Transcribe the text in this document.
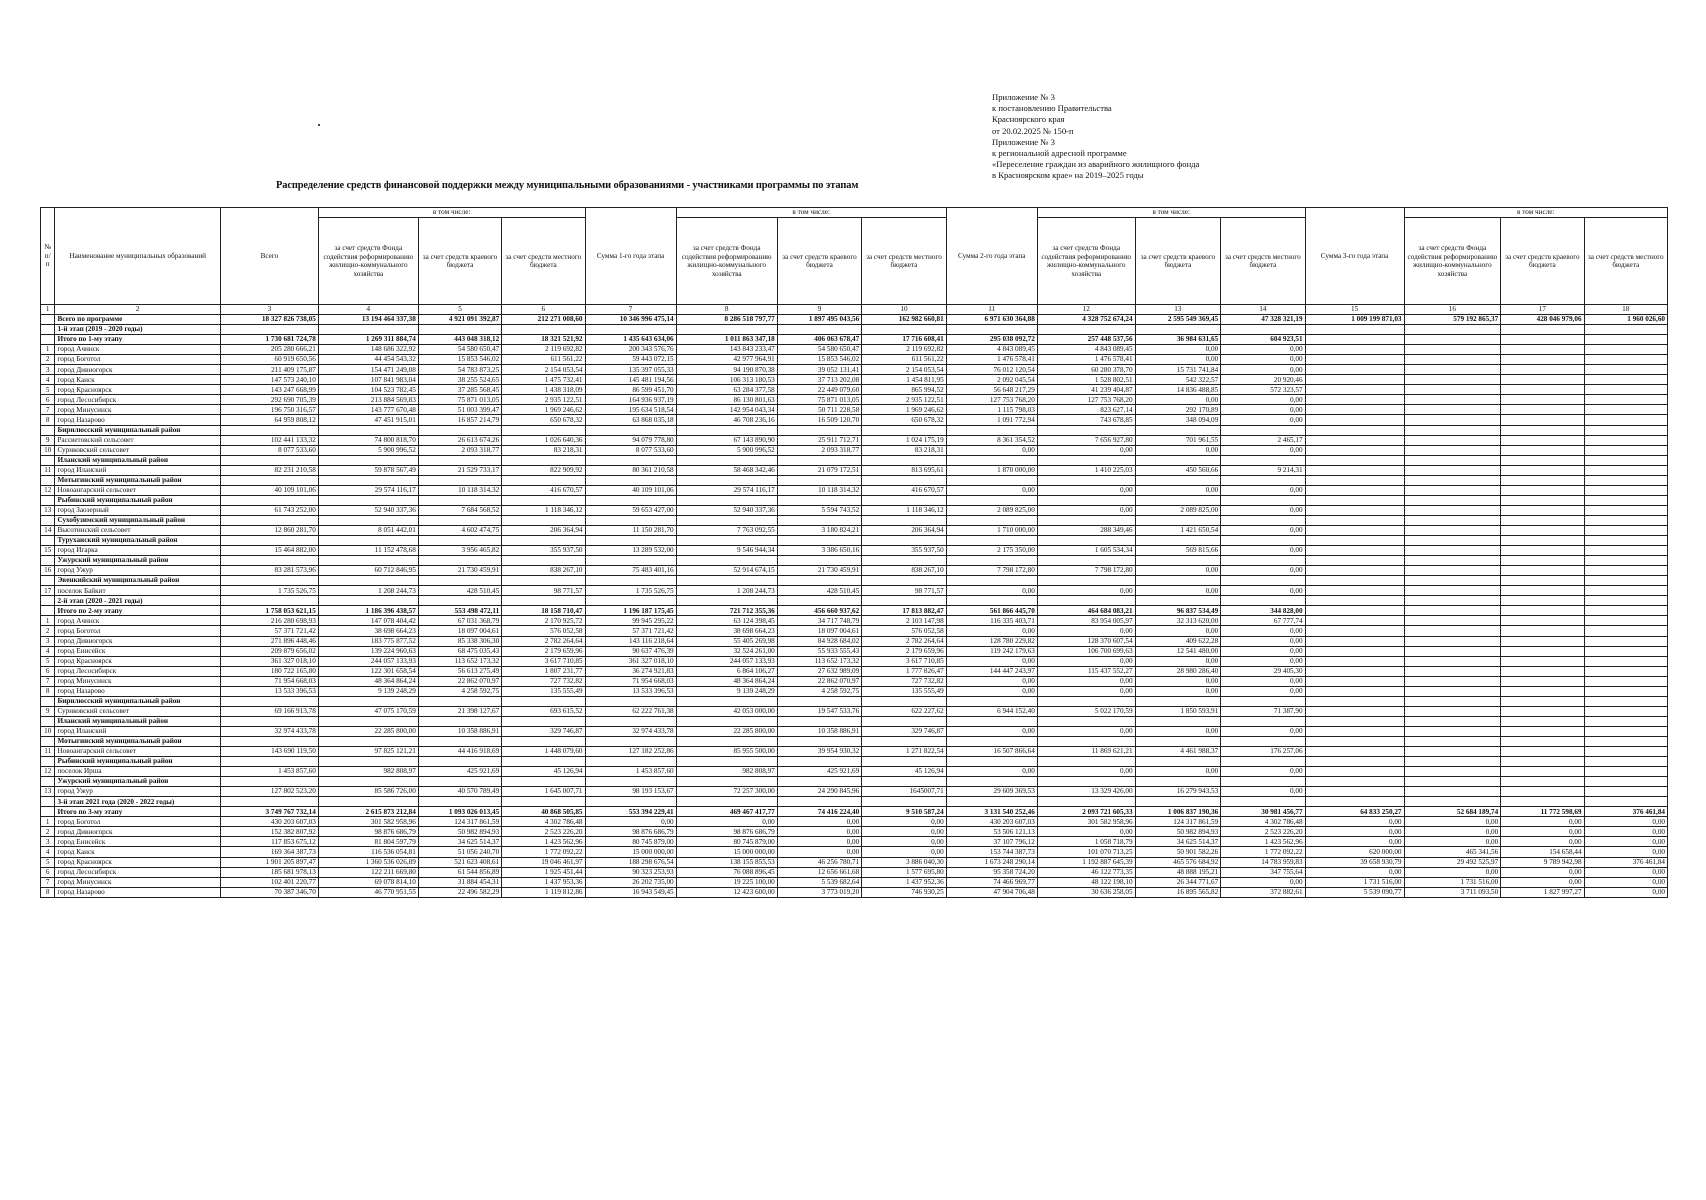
Приложение № 3
к постановлению Правительства
Красноярского края
от 20.02.2025 № 150-п
Приложение № 3
к региональной адресной программе
«Переселение граждан из аварийного жилищного фонда
в Красноярском крае» на 2019–2025 годы
Распределение средств финансовой поддержки между муниципальными образованиями - участниками программы по этапам
№ п/п	Наименование муниципальных образований	Всего	в том числе:			Сумма 1-го года этапа	в том числе:			Сумма 2-го года этапа	в том числе:			Сумма 3-го года этапа	в том числе:		
			за счет средств Фонда содействия реформированию жилищно-коммунального хозяйства	за счет средств краевого бюджета	за счет средств местного бюджета		за счет средств Фонда содействия реформированию жилищно-коммунального хозяйства	за счет средств краевого бюджета	за счет средств местного бюджета		за счет средств Фонда содействия реформированию жилищно-коммунального хозяйства	за счет средств краевого бюджета	за счет средств местного бюджета		за счет средств Фонда содействия реформированию жилищно-коммунального хозяйства	за счет средств краевого бюджета	за счет средств местного бюджета
1	2	3	4	5	6	7	8	9	10	11	12	13	14	15	16	17	18
	Всего по программе	18 327 826 738,05	13 194 464 337,38	4 921 091 392,87	212 271 008,60	10 346 996 475,14	8 286 518 797,77	1 897 495 043,56	162 982 660,81	6 971 630 364,88	4 328 752 674,24	2 595 549 369,45	47 328 321,19	1 009 199 871,03	579 192 865,37	428 046 979,06	1 960 026,60
	1-й этап (2019 - 2020 годы)																
	Итого по 1-му этапу	1 730 681 724,78	1 269 311 884,74	443 048 318,12	18 321 521,92	1 435 643 634,06	1 011 863 347,18	406 063 678,47	17 716 608,41	295 038 092,72	257 448 537,56	36 984 631,65	604 923,51				
1	город Ачинск	205 280 666,21	148 686 322,92	54 580 650,47	2 119 692,82	200 343 576,76	143 843 233,47	54 580 650,47	2 119 692,82	4 843 089,45	4 843 089,45	0,00	0,00				
2	город Боготол	60 919 650,56	44 454 543,32	15 853 546,02	611 561,22	59 443 072,15	42 977 964,91	15 853 546,02	611 561,22	1 476 578,41	1 476 578,41	0,00	0,00				
3	город Дивногорск	211 409 175,87	154 471 249,08	54 783 873,25	2 154 053,54	135 397 055,33	94 190 870,38	39 052 131,41	2 154 053,54	76 012 120,54	60 280 378,70	15 731 741,84	0,00				
4	город Канск	147 573 240,10	107 841 983,04	38 255 524,65	1 475 732,41	145 481 194,56	106 313 180,53	37 713 202,08	1 454 811,95	2 092 045,54	1 528 802,51	542 322,57	20 920,46				
5	город Красноярск	143 247 668,99	104 523 782,45	37 285 568,45	1 438 318,09	86 599 451,70	63 284 377,58	22 449 079,60	865 994,52	56 648 217,29	41 239 404,87	14 836 488,85	572 323,57				
6	город Лесосибирск	292 690 705,39	213 884 569,83	75 871 013,05	2 935 122,51	164 936 937,19	86 130 801,63	75 871 013,05	2 935 122,51	127 753 768,20	127 753 768,20	0,00	0,00				
7	город Минусинск	196 750 316,57	143 777 670,48	51 003 399,47	1 969 246,62	195 634 518,54	142 954 043,34	50 711 228,58	1 969 246,62	1 115 798,03	823 627,14	292 170,89	0,00				
8	город Назарово	64 959 808,12	47 451 915,01	16 857 214,79	650 678,32	63 868 035,18	46 708 236,16	16 509 120,70	650 678,32	1 091 772,94	743 678,85	348 094,09	0,00				
	Бирилюсский муниципальный район																
9	Рассветовский сельсовет	102 441 133,32	74 800 818,70	26 613 674,26	1 026 640,36	94 079 778,80	67 143 890,90	25 911 712,71	1 024 175,19	8 361 354,52	7 656 927,80	701 961,55	2 465,17				
10	Суриковский сельсовет	8 077 533,60	5 900 996,52	2 093 318,77	83 218,31	8 077 533,60	5 900 996,52	2 093 318,77	83 218,31	0,00	0,00	0,00	0,00				
	Иланский муниципальный район																
11	город Иланский	82 231 210,58	59 878 567,49	21 529 733,17	822 909,92	80 361 210,58	58 468 342,46	21 079 172,51	813 695,61	1 870 000,00	1 410 225,03	450 560,66	9 214,31				
	Мотыгинский муниципальный район																
12	Новоангарский сельсовет	40 109 101,06	29 574 116,17	10 118 314,32	416 670,57	40 109 101,06	29 574 116,17	10 118 314,32	416 670,57	0,00	0,00	0,00	0,00				
	Рыбинский муниципальный район																
13	город Заозерный	61 743 252,00	52 940 337,36	7 684 568,52	1 118 346,12	59 653 427,00	52 940 337,36	5 594 743,52	1 118 346,12	2 089 825,00	0,00	2 089 825,00	0,00				
	Сухобузимский муниципальный район																
14	Высотинский сельсовет	12 860 281,70	8 051 442,01	4 602 474,75	206 364,94	11 150 281,70	7 763 092,55	3 180 824,21	206 364,94	1 710 000,00	288 349,46	1 421 650,54	0,00				
	Туруханский муниципальный район																
15	город Игарка	15 464 882,00	11 152 478,68	3 956 465,82	355 937,50	13 289 532,00	9 546 944,34	3 386 650,16	355 937,50	2 175 350,00	1 605 534,34	569 815,66	0,00				
	Ужурский муниципальный район																
16	город Ужур	83 281 573,96	60 712 846,95	21 730 459,91	838 267,10	75 483 401,16	52 914 674,15	21 730 459,91	838 267,10	7 798 172,80	7 798 172,80	0,00	0,00				
	Эвенкийский муниципальный район																
17	поселок Байкит	1 735 526,75	1 208 244,73	428 510,45	98 771,57	1 735 526,75	1 208 244,73	428 510,45	98 771,57	0,00	0,00	0,00	0,00				
	2-й этап (2020 - 2021 годы)																
	Итого по 2-му этапу	1 758 053 621,15	1 186 396 438,57	553 498 472,11	18 158 710,47	1 196 187 175,45	721 712 355,36	456 660 937,62	17 813 882,47	561 866 445,70	464 684 083,21	96 837 534,49	344 828,00				
1	город Ачинск	216 280 698,93	147 078 404,42	67 031 368,79	2 170 925,72	99 945 295,22	63 124 398,45	34 717 748,79	2 103 147,98	116 335 403,71	83 954 005,97	32 313 620,00	67 777,74				
2	город Боготол	57 371 721,42	38 698 664,23	18 097 004,61	576 052,58	57 371 721,42	38 698 664,23	18 097 004,61	576 052,58	0,00	0,00	0,00	0,00				
3	город Дивногорск	271 896 448,46	183 775 877,52	85 338 306,30	2 782 264,64	143 116 218,64	55 405 269,98	84 928 684,02	2 782 264,64	128 780 229,82	128 370 607,54	409 622,28	0,00				
4	город Енисейск	209 879 656,02	139 224 960,63	68 475 035,43	2 179 659,96	90 637 476,39	32 524 261,00	55 933 555,43	2 179 659,96	119 242 179,63	106 700 699,63	12 541 480,00	0,00				
5	город Красноярск	361 327 018,10	244 057 133,93	113 652 173,32	3 617 710,85	361 327 018,10	244 057 133,93	113 652 173,32	3 617 710,85	0,00	0,00	0,00	0,00				
6	город Лесосибирск	180 722 165,80	122 301 658,54	56 613 275,49	1 807 231,77	36 274 921,83	6 864 106,27	27 632 989,09	1 777 826,47	144 447 243,97	115 437 552,27	28 980 286,40	29 405,30				
7	город Минусинск	71 954 668,03	48 364 864,24	22 862 070,97	727 732,82	71 954 668,03	48 364 864,24	22 862 070,97	727 732,82	0,00	0,00	0,00	0,00				
8	город Назарово	13 533 396,53	9 139 248,29	4 258 592,75	135 555,49	13 533 396,53	9 139 248,29	4 258 592,75	135 555,49	0,00	0,00	0,00	0,00				
	Бирилюсский муниципальный район																
9	Суриковский сельсовет	69 166 913,78	47 075 170,59	21 398 127,67	693 615,52	62 222 761,38	42 053 000,00	19 547 533,76	622 227,62	6 944 152,40	5 022 170,59	1 850 593,91	71 387,90				
	Иланский муниципальный район																
10	город Иланский	32 974 433,78	22 285 800,00	10 358 886,91	329 746,87	32 974 433,78	22 285 800,00	10 358 886,91	329 746,87	0,00	0,00	0,00	0,00				
	Мотыгинский муниципальный район																
11	Новоангарский сельсовет	143 690 119,50	97 825 121,21	44 416 918,69	1 448 079,60	127 182 252,86	85 955 500,00	39 954 930,32	1 271 822,54	16 507 866,64	11 869 621,21	4 461 988,37	176 257,06				
	Рыбинский муниципальный район																
12	поселок Ирша	1 453 857,60	982 808,97	425 921,69	45 126,94	1 453 857,60	982 808,97	425 921,69	45 126,94	0,00	0,00	0,00	0,00				
	Ужурский муниципальный район																
13	город Ужур	127 802 523,20	85 586 726,00	40 570 789,49	1 645 007,71	98 193 153,67	72 257 300,00	24 290 845,96	1645007,71	29 609 369,53	13 329 426,00	16 279 943,53	0,00				
	3-й этап 2021 года (2020 - 2022 годы)																
	Итого по 3-му этапу	3 749 767 732,14	2 615 873 212,84	1 093 026 013,45	40 868 505,85	553 394 229,41	469 467 417,77	74 416 224,40	9 510 587,24	3 131 540 252,46	2 093 721 605,33	1 006 837 190,36	30 981 456,77	64 833 250,27	52 684 189,74	11 772 598,69	376 461,84
1	город Боготол	430 203 607,03	301 582 958,96	124 317 861,59	4 302 786,48	0,00	0,00	0,00	0,00	430 203 607,03	301 582 958,96	124 317 861,59	4 302 786,48	0,00	0,00	0,00	0,00
2	город Дивногорск	152 382 807,92	98 876 686,79	50 982 894,93	2 523 226,20	98 876 686,79	98 876 686,79	0,00	0,00	53 506 121,13	0,00	50 982 894,93	2 523 226,20	0,00	0,00	0,00	0,00
3	город Енисейск	117 853 675,12	81 804 597,79	34 625 514,37	1 423 562,96	80 745 879,00	80 745 879,00	0,00	0,00	37 107 796,12	1 058 718,79	34 625 514,37	1 423 562,96	0,00	0,00	0,00	0,00
4	город Канск	169 364 387,73	116 536 054,81	51 056 240,70	1 772 092,22	15 000 000,00	15 000 000,00	0,00	0,00	153 744 387,73	101 070 713,25	50 901 582,26	1 772 092,22	620 000,00	465 341,56	154 658,44	0,00
5	город Красноярск	1 901 205 897,47	1 360 536 026,89	521 623 408,61	19 046 461,97	188 298 676,54	138 155 855,53	46 256 780,71	3 886 040,30	1 673 248 290,14	1 192 887 645,39	465 576 684,92	14 783 959,83	39 658 930,79	29 492 525,97	9 789 942,98	376 461,84
6	город Лесосибирск	185 681 978,13	122 211 669,80	61 544 856,89	1 925 451,44	90 323 253,93	76 088 896,45	12 656 661,68	1 577 695,80	95 358 724,20	46 122 773,35	48 888 195,21	347 755,64	0,00	0,00	0,00	0,00
7	город Минусинск	102 401 220,77	69 078 814,10	31 884 454,31	1 437 953,36	26 202 735,00	19 225 100,00	5 539 682,64	1 437 952,36	74 466 969,77	48 122 198,10	26 344 771,67	0,00	1 731 516,00	1 731 516,00	0,00	0,00
8	город Назарово	70 387 346,70	46 770 951,55	22 496 582,29	1 119 812,86	16 943 549,45	12 423 600,00	3 773 019,20	746 930,25	47 904 706,48	30 636 258,05	16 895 565,82	372 882,61	5 539 090,77	3 711 093,50	1 827 997,27	0,00
